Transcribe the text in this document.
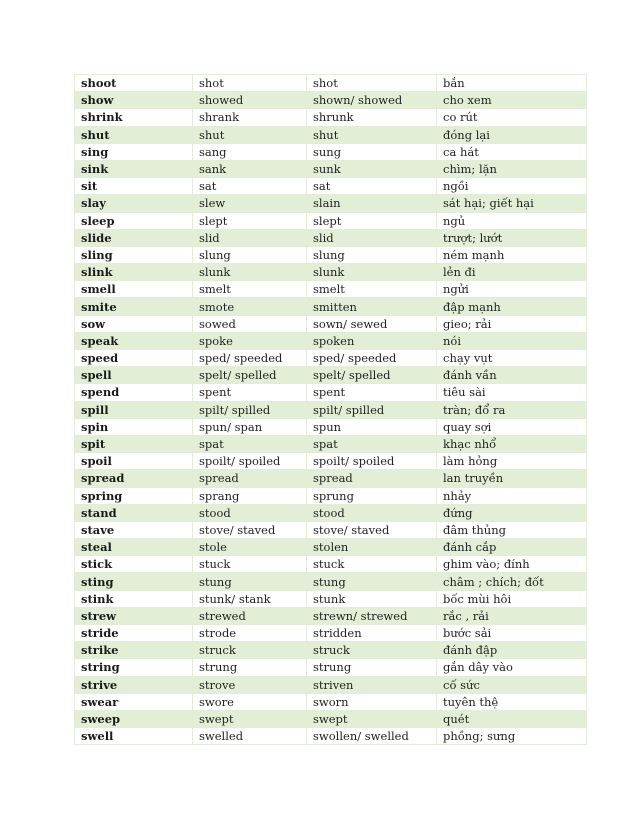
shoot	shot	shot	bắn
show	showed	shown/ showed	cho xem
shrink	shrank	shrunk	co rút
shut	shut	shut	đóng lại
sing	sang	sung	ca hát
sink	sank	sunk	chìm; lặn
sit	sat	sat	ngồi
slay	slew	slain	sát hại; giết hại
sleep	slept	slept	ngủ
slide	slid	slid	trượt; lướt
sling	slung	slung	ném mạnh
slink	slunk	slunk	lẻn đi
smell	smelt	smelt	ngửi
smite	smote	smitten	đập mạnh
sow	sowed	sown/ sewed	gieo; rải
speak	spoke	spoken	nói
speed	sped/ speeded	sped/ speeded	chạy vụt
spell	spelt/ spelled	spelt/ spelled	đánh vần
spend	spent	spent	tiêu sài
spill	spilt/ spilled	spilt/ spilled	tràn; đổ ra
spin	spun/ span	spun	quay sợi
spit	spat	spat	khạc nhổ
spoil	spoilt/ spoiled	spoilt/ spoiled	làm hỏng
spread	spread	spread	lan truyền
spring	sprang	sprung	nhảy
stand	stood	stood	đứng
stave	stove/ staved	stove/ staved	đâm thủng
steal	stole	stolen	đánh cắp
stick	stuck	stuck	ghim vào; đính
sting	stung	stung	châm ; chích; đốt
stink	stunk/ stank	stunk	bốc mùi hôi
strew	strewed	strewn/ strewed	rắc , rải
stride	strode	stridden	bước sải
strike	struck	struck	đánh đập
string	strung	strung	gắn dây vào
strive	strove	striven	cố sức
swear	swore	sworn	tuyên thệ
sweep	swept	swept	quét
swell	swelled	swollen/ swelled	phồng; sưng
